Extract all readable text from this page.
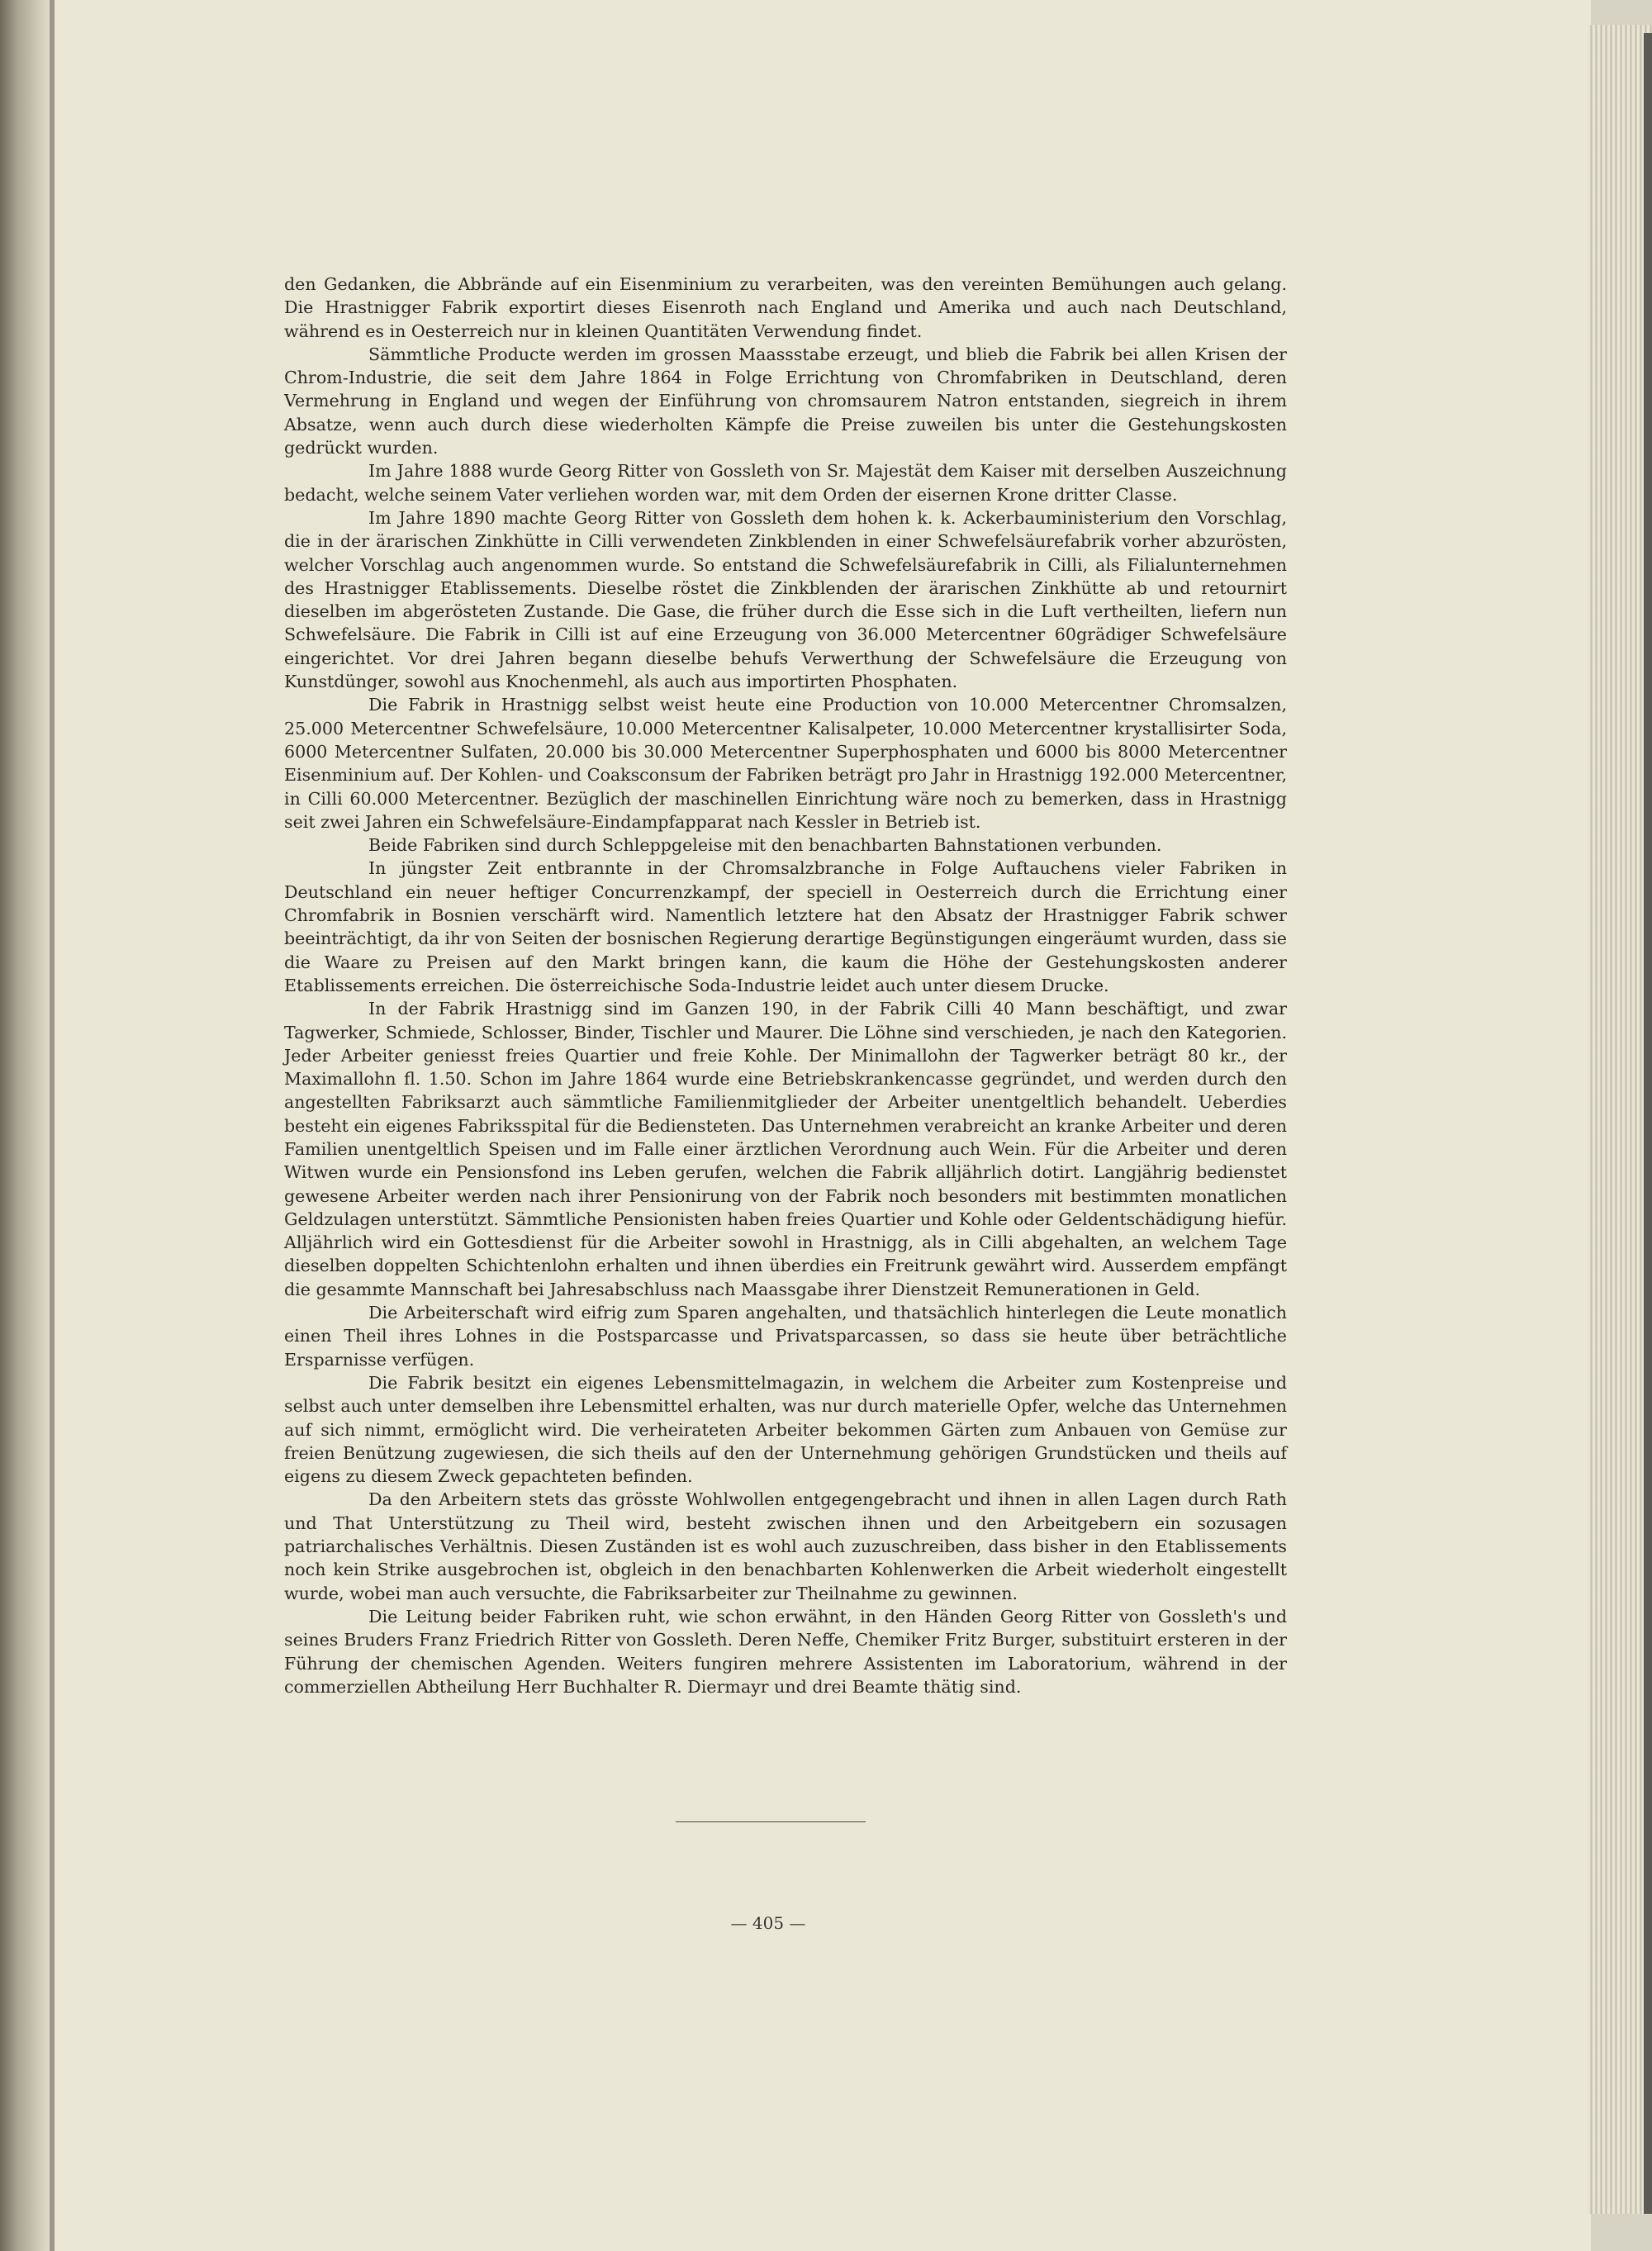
den Gedanken, die Abbrände auf ein Eisenminium zu verarbeiten, was den vereinten Bemühungen auch gelang. Die Hrastnigger Fabrik exportirt dieses Eisenroth nach England und Amerika und auch nach Deutschland, während es in Oesterreich nur in kleinen Quantitäten Verwendung findet.

Sämmtliche Producte werden im grossen Maassstabe erzeugt, und blieb die Fabrik bei allen Krisen der Chrom-Industrie, die seit dem Jahre 1864 in Folge Errichtung von Chromfabriken in Deutschland, deren Vermehrung in England und wegen der Einführung von chromsaurem Natron entstanden, siegreich in ihrem Absatze, wenn auch durch diese wiederholten Kämpfe die Preise zuweilen bis unter die Gestehungskosten gedrückt wurden.

Im Jahre 1888 wurde Georg Ritter von Gossleth von Sr. Majestät dem Kaiser mit derselben Auszeichnung bedacht, welche seinem Vater verliehen worden war, mit dem Orden der eisernen Krone dritter Classe.

Im Jahre 1890 machte Georg Ritter von Gossleth dem hohen k. k. Ackerbauministerium den Vorschlag, die in der ärarischen Zinkhütte in Cilli verwendeten Zinkblenden in einer Schwefelsäurefabrik vorher abzurösten, welcher Vorschlag auch angenommen wurde. So entstand die Schwefelsäurefabrik in Cilli, als Filialunternehmen des Hrastnigger Etablissements. Dieselbe röstet die Zinkblenden der ärarischen Zinkhütte ab und retournirt dieselben im abgerösteten Zustande. Die Gase, die früher durch die Esse sich in die Luft vertheilten, liefern nun Schwefelsäure. Die Fabrik in Cilli ist auf eine Erzeugung von 36.000 Metercentner 60grädiger Schwefelsäure eingerichtet. Vor drei Jahren begann dieselbe behufs Verwerthung der Schwefelsäure die Erzeugung von Kunstdünger, sowohl aus Knochenmehl, als auch aus importirten Phosphaten.

Die Fabrik in Hrastnigg selbst weist heute eine Production von 10.000 Metercentner Chromsalzen, 25.000 Metercentner Schwefelsäure, 10.000 Metercentner Kalisalpeter, 10.000 Metercentner krystallisirter Soda, 6000 Metercentner Sulfaten, 20.000 bis 30.000 Metercentner Superphosphaten und 6000 bis 8000 Metercentner Eisenminium auf. Der Kohlen- und Coaksconsum der Fabriken beträgt pro Jahr in Hrastnigg 192.000 Metercentner, in Cilli 60.000 Metercentner. Bezüglich der maschinellen Einrichtung wäre noch zu bemerken, dass in Hrastnigg seit zwei Jahren ein Schwefelsäure-Eindampfapparat nach Kessler in Betrieb ist.

Beide Fabriken sind durch Schleppgeleise mit den benachbarten Bahnstationen verbunden.

In jüngster Zeit entbrannte in der Chromsalzbranche in Folge Auftauchens vieler Fabriken in Deutschland ein neuer heftiger Concurrenzkampf, der speciell in Oesterreich durch die Errichtung einer Chromfabrik in Bosnien verschärft wird. Namentlich letztere hat den Absatz der Hrastnigger Fabrik schwer beeinträchtigt, da ihr von Seiten der bosnischen Regierung derartige Begünstigungen eingeräumt wurden, dass sie die Waare zu Preisen auf den Markt bringen kann, die kaum die Höhe der Gestehungskosten anderer Etablissements erreichen. Die österreichische Soda-Industrie leidet auch unter diesem Drucke.

In der Fabrik Hrastnigg sind im Ganzen 190, in der Fabrik Cilli 40 Mann beschäftigt, und zwar Tagwerker, Schmiede, Schlosser, Binder, Tischler und Maurer. Die Löhne sind verschieden, je nach den Kategorien. Jeder Arbeiter geniesst freies Quartier und freie Kohle. Der Minimallohn der Tagwerker beträgt 80 kr., der Maximallohn fl. 1.50. Schon im Jahre 1864 wurde eine Betriebskrankencasse gegründet, und werden durch den angestellten Fabriksarzt auch sämmtliche Familienmitglieder der Arbeiter unentgeltlich behandelt. Ueberdies besteht ein eigenes Fabriksspital für die Bediensteten. Das Unternehmen verabreicht an kranke Arbeiter und deren Familien unentgeltlich Speisen und im Falle einer ärztlichen Verordnung auch Wein. Für die Arbeiter und deren Witwen wurde ein Pensionsfond ins Leben gerufen, welchen die Fabrik alljährlich dotirt. Langjährig bedienstet gewesene Arbeiter werden nach ihrer Pensionirung von der Fabrik noch besonders mit bestimmten monatlichen Geldzulagen unterstützt. Sämmtliche Pensionisten haben freies Quartier und Kohle oder Geldentschädigung hiefür. Alljährlich wird ein Gottesdienst für die Arbeiter sowohl in Hrastnigg, als in Cilli abgehalten, an welchem Tage dieselben doppelten Schichtenlohn erhalten und ihnen überdies ein Freitrunk gewährt wird. Ausserdem empfängt die gesammte Mannschaft bei Jahresabschluss nach Maassgabe ihrer Dienstzeit Remunerationen in Geld.

Die Arbeiterschaft wird eifrig zum Sparen angehalten, und thatsächlich hinterlegen die Leute monatlich einen Theil ihres Lohnes in die Postsparcasse und Privatsparcassen, so dass sie heute über beträchtliche Ersparnisse verfügen.

Die Fabrik besitzt ein eigenes Lebensmittelmagazin, in welchem die Arbeiter zum Kostenpreise und selbst auch unter demselben ihre Lebensmittel erhalten, was nur durch materielle Opfer, welche das Unternehmen auf sich nimmt, ermöglicht wird. Die verheirateten Arbeiter bekommen Gärten zum Anbauen von Gemüse zur freien Benützung zugewiesen, die sich theils auf den der Unternehmung gehörigen Grundstücken und theils auf eigens zu diesem Zweck gepachteten befinden.

Da den Arbeitern stets das grösste Wohlwollen entgegengebracht und ihnen in allen Lagen durch Rath und That Unterstützung zu Theil wird, besteht zwischen ihnen und den Arbeitgebern ein sozusagen patriarchalisches Verhältnis. Diesen Zuständen ist es wohl auch zuzuschreiben, dass bisher in den Etablissements noch kein Strike ausgebrochen ist, obgleich in den benachbarten Kohlenwerken die Arbeit wiederholt eingestellt wurde, wobei man auch versuchte, die Fabriksarbeiter zur Theilnahme zu gewinnen.

Die Leitung beider Fabriken ruht, wie schon erwähnt, in den Händen Georg Ritter von Gossleth's und seines Bruders Franz Friedrich Ritter von Gossleth. Deren Neffe, Chemiker Fritz Burger, substituirt ersteren in der Führung der chemischen Agenden. Weiters fungiren mehrere Assistenten im Laboratorium, während in der commerziellen Abtheilung Herr Buchhalter R. Diermayr und drei Beamte thätig sind.

— 405 —
